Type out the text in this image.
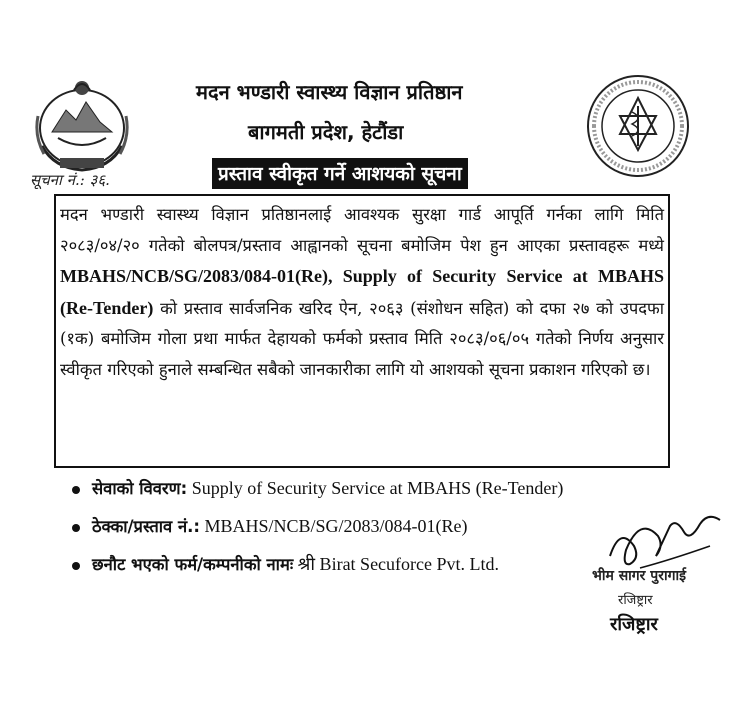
सूचना नं.: ३६.
मदन भण्डारी स्वास्थ्य विज्ञान प्रतिष्ठान
बागमती प्रदेश, हेटौंडा
प्रस्ताव स्वीकृत गर्ने आशयको सूचना
मदन भण्डारी स्वास्थ्य विज्ञान प्रतिष्ठानलाई आवश्यक सुरक्षा गार्ड आपूर्ति गर्नका लागि मिति २०८३/०४/२० गतेको बोलपत्र/प्रस्ताव आह्वानको सूचना बमोजिम पेश हुन आएका प्रस्तावहरू मध्ये MBAHS/NCB/SG/2083/084-01(Re), Supply of Security Service at MBAHS (Re-Tender) को प्रस्ताव सार्वजनिक खरिद ऐन, २०६३ (संशोधन सहित) को दफा २७ को उपदफा (१क) बमोजिम गोला प्रथा मार्फत देहायको फर्मको प्रस्ताव मिति २०८३/०६/०५ गतेको निर्णय अनुसार स्वीकृत गरिएको हुनाले सम्बन्धित सबैको जानकारीका लागि यो आशयको सूचना प्रकाशन गरिएको छ।
सेवाको विवरण: Supply of Security Service at MBAHS (Re-Tender)
ठेक्का/प्रस्ताव नं.: MBAHS/NCB/SG/2083/084-01(Re)
छनौट भएको फर्म/कम्पनीको नामः श्री Birat Secuforce Pvt. Ltd.
भीम सागर पुरागाई
रजिष्ट्रार
रजिष्ट्रार
